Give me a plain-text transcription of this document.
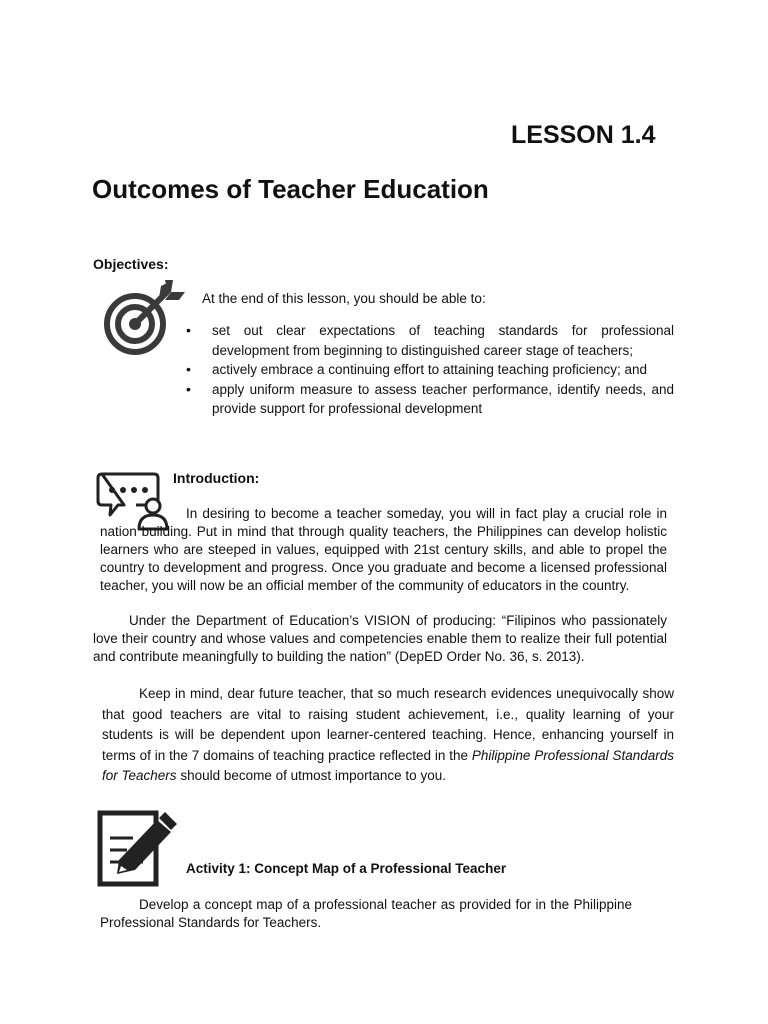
LESSON 1.4
Outcomes of Teacher Education
Objectives:
At the end of this lesson, you should be able to:
• set out clear expectations of teaching standards for professional development from beginning to distinguished career stage of teachers;
• actively embrace a continuing effort to attaining teaching proficiency; and
• apply uniform measure to assess teacher performance, identify needs, and provide support for professional development
Introduction:

In desiring to become a teacher someday, you will in fact play a crucial role in nation building. Put in mind that through quality teachers, the Philippines can develop holistic learners who are steeped in values, equipped with 21st century skills, and able to propel the country to development and progress. Once you graduate and become a licensed professional teacher, you will now be an official member of the community of educators in the country.

Under the Department of Education’s VISION of producing: “Filipinos who passionately love their country and whose values and competencies enable them to realize their full potential and contribute meaningfully to building the nation” (DepED Order No. 36, s. 2013).

Keep in mind, dear future teacher, that so much research evidences unequivocally show that good teachers are vital to raising student achievement, i.e., quality learning of your students is will be dependent upon learner-centered teaching. Hence, enhancing yourself in terms of in the 7 domains of teaching practice reflected in the Philippine Professional Standards for Teachers should become of utmost importance to you.

Activity 1: Concept Map of a Professional Teacher

Develop a concept map of a professional teacher as provided for in the Philippine Professional Standards for Teachers.
